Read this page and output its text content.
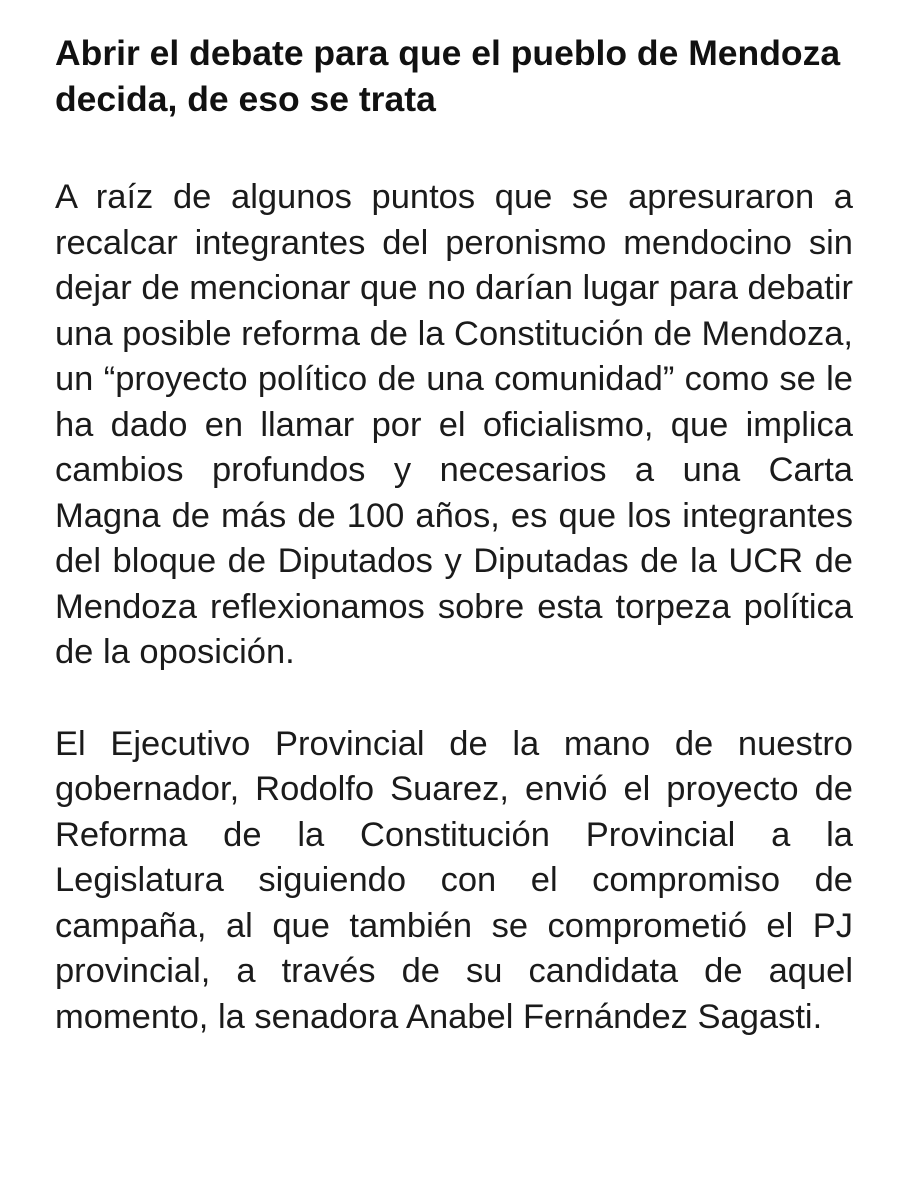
Abrir el debate para que el pueblo de Mendoza decida, de eso se trata

A raíz de algunos puntos que se apresuraron a recalcar integrantes del peronismo mendocino sin dejar de mencionar que no darían lugar para debatir una posible reforma de la Constitución de Mendoza, un “proyecto político de una comunidad” como se le ha dado en llamar por el oficialismo, que implica cambios profundos y necesarios a una Carta Magna de más de 100 años, es que los integrantes del bloque de Diputados y Diputadas de la UCR de Mendoza reflexionamos sobre esta torpeza política de la oposición.

El Ejecutivo Provincial de la mano de nuestro gobernador, Rodolfo Suarez, envió el proyecto de Reforma de la Constitución Provincial a la Legislatura siguiendo con el compromiso de campaña, al que también se comprometió el PJ provincial, a través de su candidata de aquel momento, la senadora Anabel Fernández Sagasti.
